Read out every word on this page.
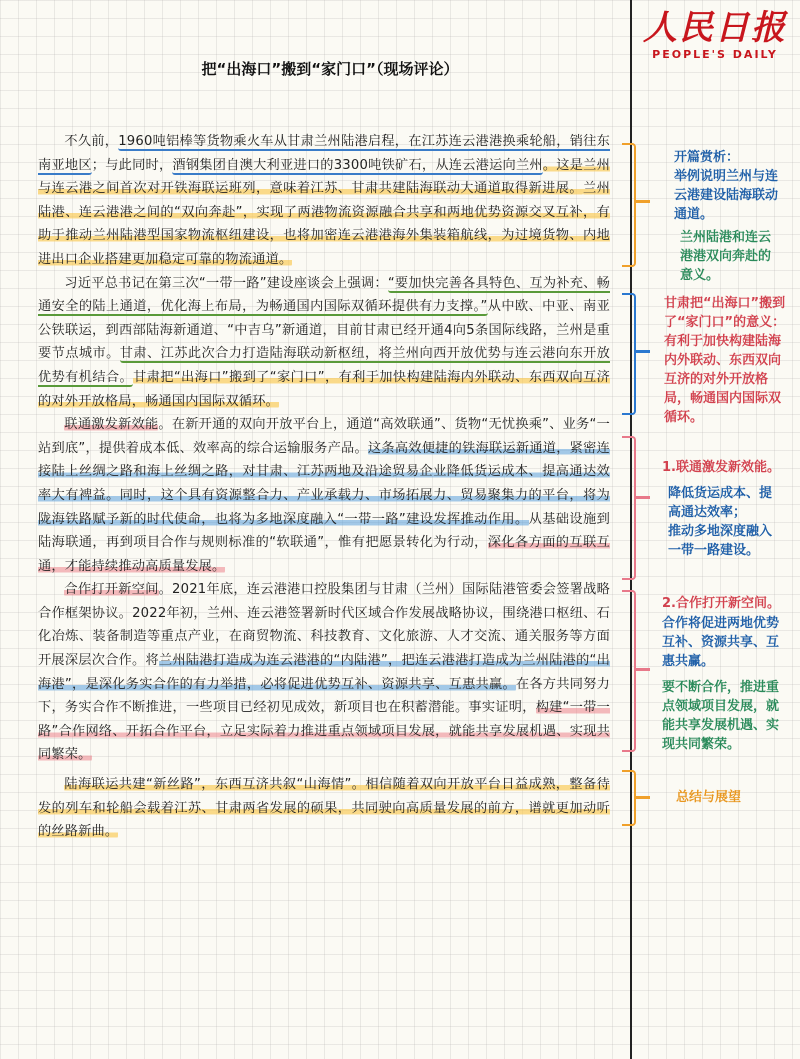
人民日报
PEOPLE'S DAILY
把“出海口”搬到“家门口”（现场评论）

不久前，1960吨铝棒等货物乘火车从甘肃兰州陆港启程，在江苏连云港港换乘轮船，销往东南亚地区；与此同时，酒钢集团自澳大利亚进口的3300吨铁矿石，从连云港运向兰州。这是兰州与连云港之间首次对开铁海联运班列，意味着江苏、甘肃共建陆海联动大通道取得新进展。兰州陆港、连云港港之间的“双向奔赴”，实现了两港物流资源融合共享和两地优势资源交叉互补，有助于推动兰州陆港型国家物流枢纽建设，也将加密连云港港海外集装箱航线，为过境货物、内地进出口企业搭建更加稳定可靠的物流通道。

习近平总书记在第三次“一带一路”建设座谈会上强调：“要加快完善各具特色、互为补充、畅通安全的陆上通道，优化海上布局，为畅通国内国际双循环提供有力支撑。”从中欧、中亚、南亚公铁联运，到西部陆海新通道、“中吉乌”新通道，目前甘肃已经开通4向5条国际线路，兰州是重要节点城市。甘肃、江苏此次合力打造陆海联动新枢纽，将兰州向西开放优势与连云港向东开放优势有机结合。甘肃把“出海口”搬到了“家门口”，有利于加快构建陆海内外联动、东西双向互济的对外开放格局，畅通国内国际双循环。

联通激发新效能。在新开通的双向开放平台上，通道“高效联通”、货物“无忧换乘”、业务“一站到底”，提供着成本低、效率高的综合运输服务产品。这条高效便捷的铁海联运新通道，紧密连接陆上丝绸之路和海上丝绸之路，对甘肃、江苏两地及沿途贸易企业降低货运成本、提高通达效率大有裨益。同时，这个具有资源整合力、产业承载力、市场拓展力、贸易聚集力的平台，将为陇海铁路赋予新的时代使命，也将为多地深度融入“一带一路”建设发挥推动作用。从基础设施到陆海联通，再到项目合作与规则标准的“软联通”，惟有把愿景转化为行动，深化各方面的互联互通，才能持续推动高质量发展。

合作打开新空间。2021年底，连云港港口控股集团与甘肃（兰州）国际陆港管委会签署战略合作框架协议。2022年初，兰州、连云港签署新时代区域合作发展战略协议，围绕港口枢纽、石化冶炼、装备制造等重点产业，在商贸物流、科技教育、文化旅游、人才交流、通关服务等方面开展深层次合作。将兰州陆港打造成为连云港港的“内陆港”，把连云港港打造成为兰州陆港的“出海港”，是深化务实合作的有力举措，必将促进优势互补、资源共享、互惠共赢。在各方共同努力下，务实合作不断推进，一些项目已经初见成效，新项目也在积蓄潜能。事实证明，构建“一带一路”合作网络、开拓合作平台，立足实际着力推进重点领域项目发展，就能共享发展机遇、实现共同繁荣。

陆海联运共建“新丝路”，东西互济共叙“山海情”。相信随着双向开放平台日益成熟，整备待发的列车和轮船会载着江苏、甘肃两省发展的硕果，共同驶向高质量发展的前方，谱就更加动听的丝路新曲。

开篇赏析：
举例说明兰州与连
云港建设陆海联动
通道。
兰州陆港和连云
港港双向奔赴的
意义。
甘肃把“出海口”搬到
了“家门口”的意义：
有利于加快构建陆海
内外联动、东西双向
互济的对外开放格
局，畅通国内国际双
循环。
1.联通激发新效能。
降低货运成本、提
高通达效率；
推动多地深度融入
一带一路建设。
2.合作打开新空间。
合作将促进两地优势
互补、资源共享、互
惠共赢。
要不断合作，推进重
点领域项目发展，就
能共享发展机遇、实
现共同繁荣。
总结与展望
